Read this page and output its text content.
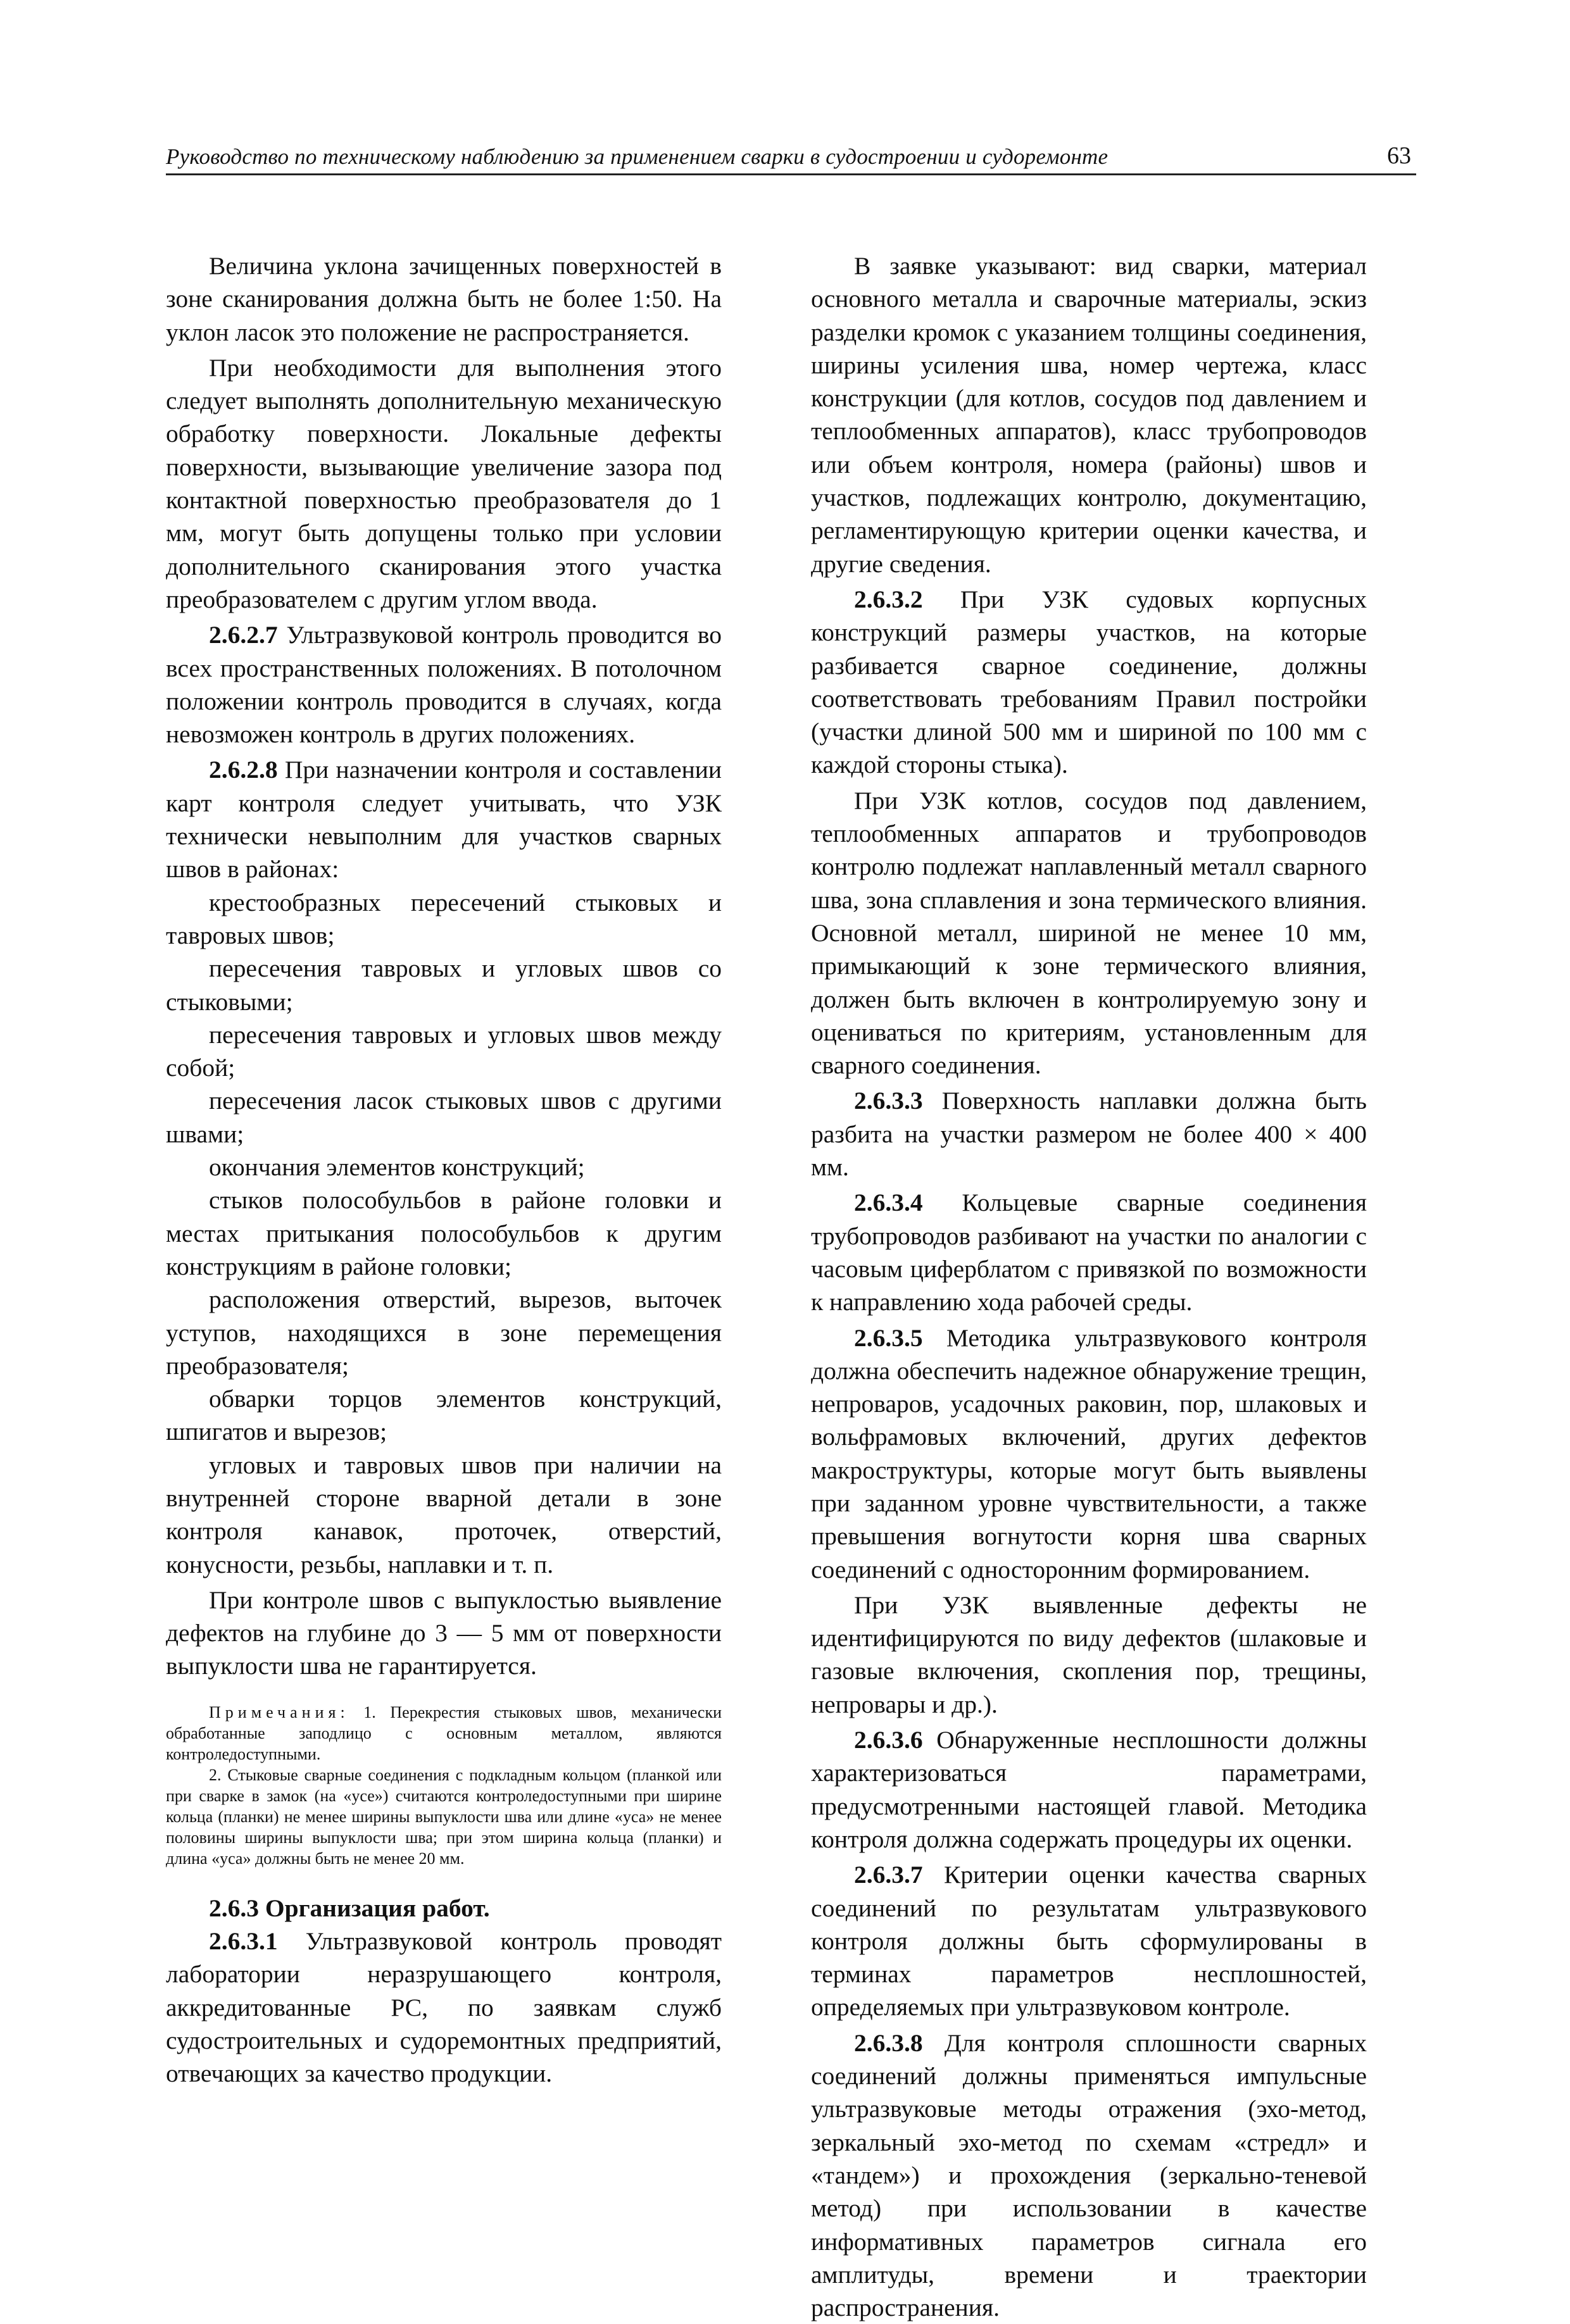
Руководство по техническому наблюдению за применением сварки в судостроении и судоремонте	63

Величина уклона зачищенных поверхностей в зоне сканирования должна быть не более 1:50. На уклон ласок это положение не распространяется.

При необходимости для выполнения этого следует выполнять дополнительную механическую обработку поверхности. Локальные дефекты поверхности, вызывающие увеличение зазора под контактной поверхностью преобразователя до 1 мм, могут быть допущены только при условии дополнительного сканирования этого участка преобразователем с другим углом ввода.

2.6.2.7 Ультразвуковой контроль проводится во всех пространственных положениях. В потолочном положении контроль проводится в случаях, когда невозможен контроль в других положениях.

2.6.2.8 При назначении контроля и составлении карт контроля следует учитывать, что УЗК технически невыполним для участков сварных швов в районах:

крестообразных пересечений стыковых и тавровых швов;

пересечения тавровых и угловых швов со стыковыми;

пересечения тавровых и угловых швов между собой;

пересечения ласок стыковых швов с другими швами;

окончания элементов конструкций;

стыков полособульбов в районе головки и местах притыкания полособульбов к другим конструкциям в районе головки;

расположения отверстий, вырезов, выточек уступов, находящихся в зоне перемещения преобразователя;

обварки торцов элементов конструкций, шпигатов и вырезов;

угловых и тавровых швов при наличии на внутренней стороне вварной детали в зоне контроля канавок, проточек, отверстий, конусности, резьбы, наплавки и т. п.

При контроле швов с выпуклостью выявление дефектов на глубине до 3 — 5 мм от поверхности выпуклости шва не гарантируется.

Примечания: 1. Перекрестия стыковых швов, механически обработанные заподлицо с основным металлом, являются контроледоступными.

2. Стыковые сварные соединения с подкладным кольцом (планкой или при сварке в замок (на «усе») считаются контроледоступными при ширине кольца (планки) не менее ширины выпуклости шва или длине «уса» не менее половины ширины выпуклости шва; при этом ширина кольца (планки) и длина «уса» должны быть не менее 20 мм.

2.6.3 Организация работ.

2.6.3.1 Ультразвуковой контроль проводят лаборатории неразрушающего контроля, аккредитованные РС, по заявкам служб судостроительных и судоремонтных предприятий, отвечающих за качество продукции.

В заявке указывают: вид сварки, материал основного металла и сварочные материалы, эскиз разделки кромок с указанием толщины соединения, ширины усиления шва, номер чертежа, класс конструкции (для котлов, сосудов под давлением и теплообменных аппаратов), класс трубопроводов или объем контроля, номера (районы) швов и участков, подлежащих контролю, документацию, регламентирующую критерии оценки качества, и другие сведения.

2.6.3.2 При УЗК судовых корпусных конструкций размеры участков, на которые разбивается сварное соединение, должны соответствовать требованиям Правил постройки (участки длиной 500 мм и шириной по 100 мм с каждой стороны стыка).

При УЗК котлов, сосудов под давлением, теплообменных аппаратов и трубопроводов контролю подлежат наплавленный металл сварного шва, зона сплавления и зона термического влияния. Основной металл, шириной не менее 10 мм, примыкающий к зоне термического влияния, должен быть включен в контролируемую зону и оцениваться по критериям, установленным для сварного соединения.

2.6.3.3 Поверхность наплавки должна быть разбита на участки размером не более 400 × 400 мм.

2.6.3.4 Кольцевые сварные соединения трубопроводов разбивают на участки по аналогии с часовым циферблатом с привязкой по возможности к направлению хода рабочей среды.

2.6.3.5 Методика ультразвукового контроля должна обеспечить надежное обнаружение трещин, непроваров, усадочных раковин, пор, шлаковых и вольфрамовых включений, других дефектов макроструктуры, которые могут быть выявлены при заданном уровне чувствительности, а также превышения вогнутости корня шва сварных соединений с односторонним формированием.

При УЗК выявленные дефекты не идентифицируются по виду дефектов (шлаковые и газовые включения, скопления пор, трещины, непровары и др.).

2.6.3.6 Обнаруженные несплошности должны характеризоваться параметрами, предусмотренными настоящей главой. Методика контроля должна содержать процедуры их оценки.

2.6.3.7 Критерии оценки качества сварных соединений по результатам ультразвукового контроля должны быть сформулированы в терминах параметров несплошностей, определяемых при ультразвуковом контроле.

2.6.3.8 Для контроля сплошности сварных соединений должны применяться импульсные ультразвуковые методы отражения (эхо-метод, зеркальный эхо-метод по схемам «стредл» и «тандем») и прохождения (зеркально-теневой метод) при использовании в качестве информативных параметров сигнала его амплитуды, времени и траектории распространения.
